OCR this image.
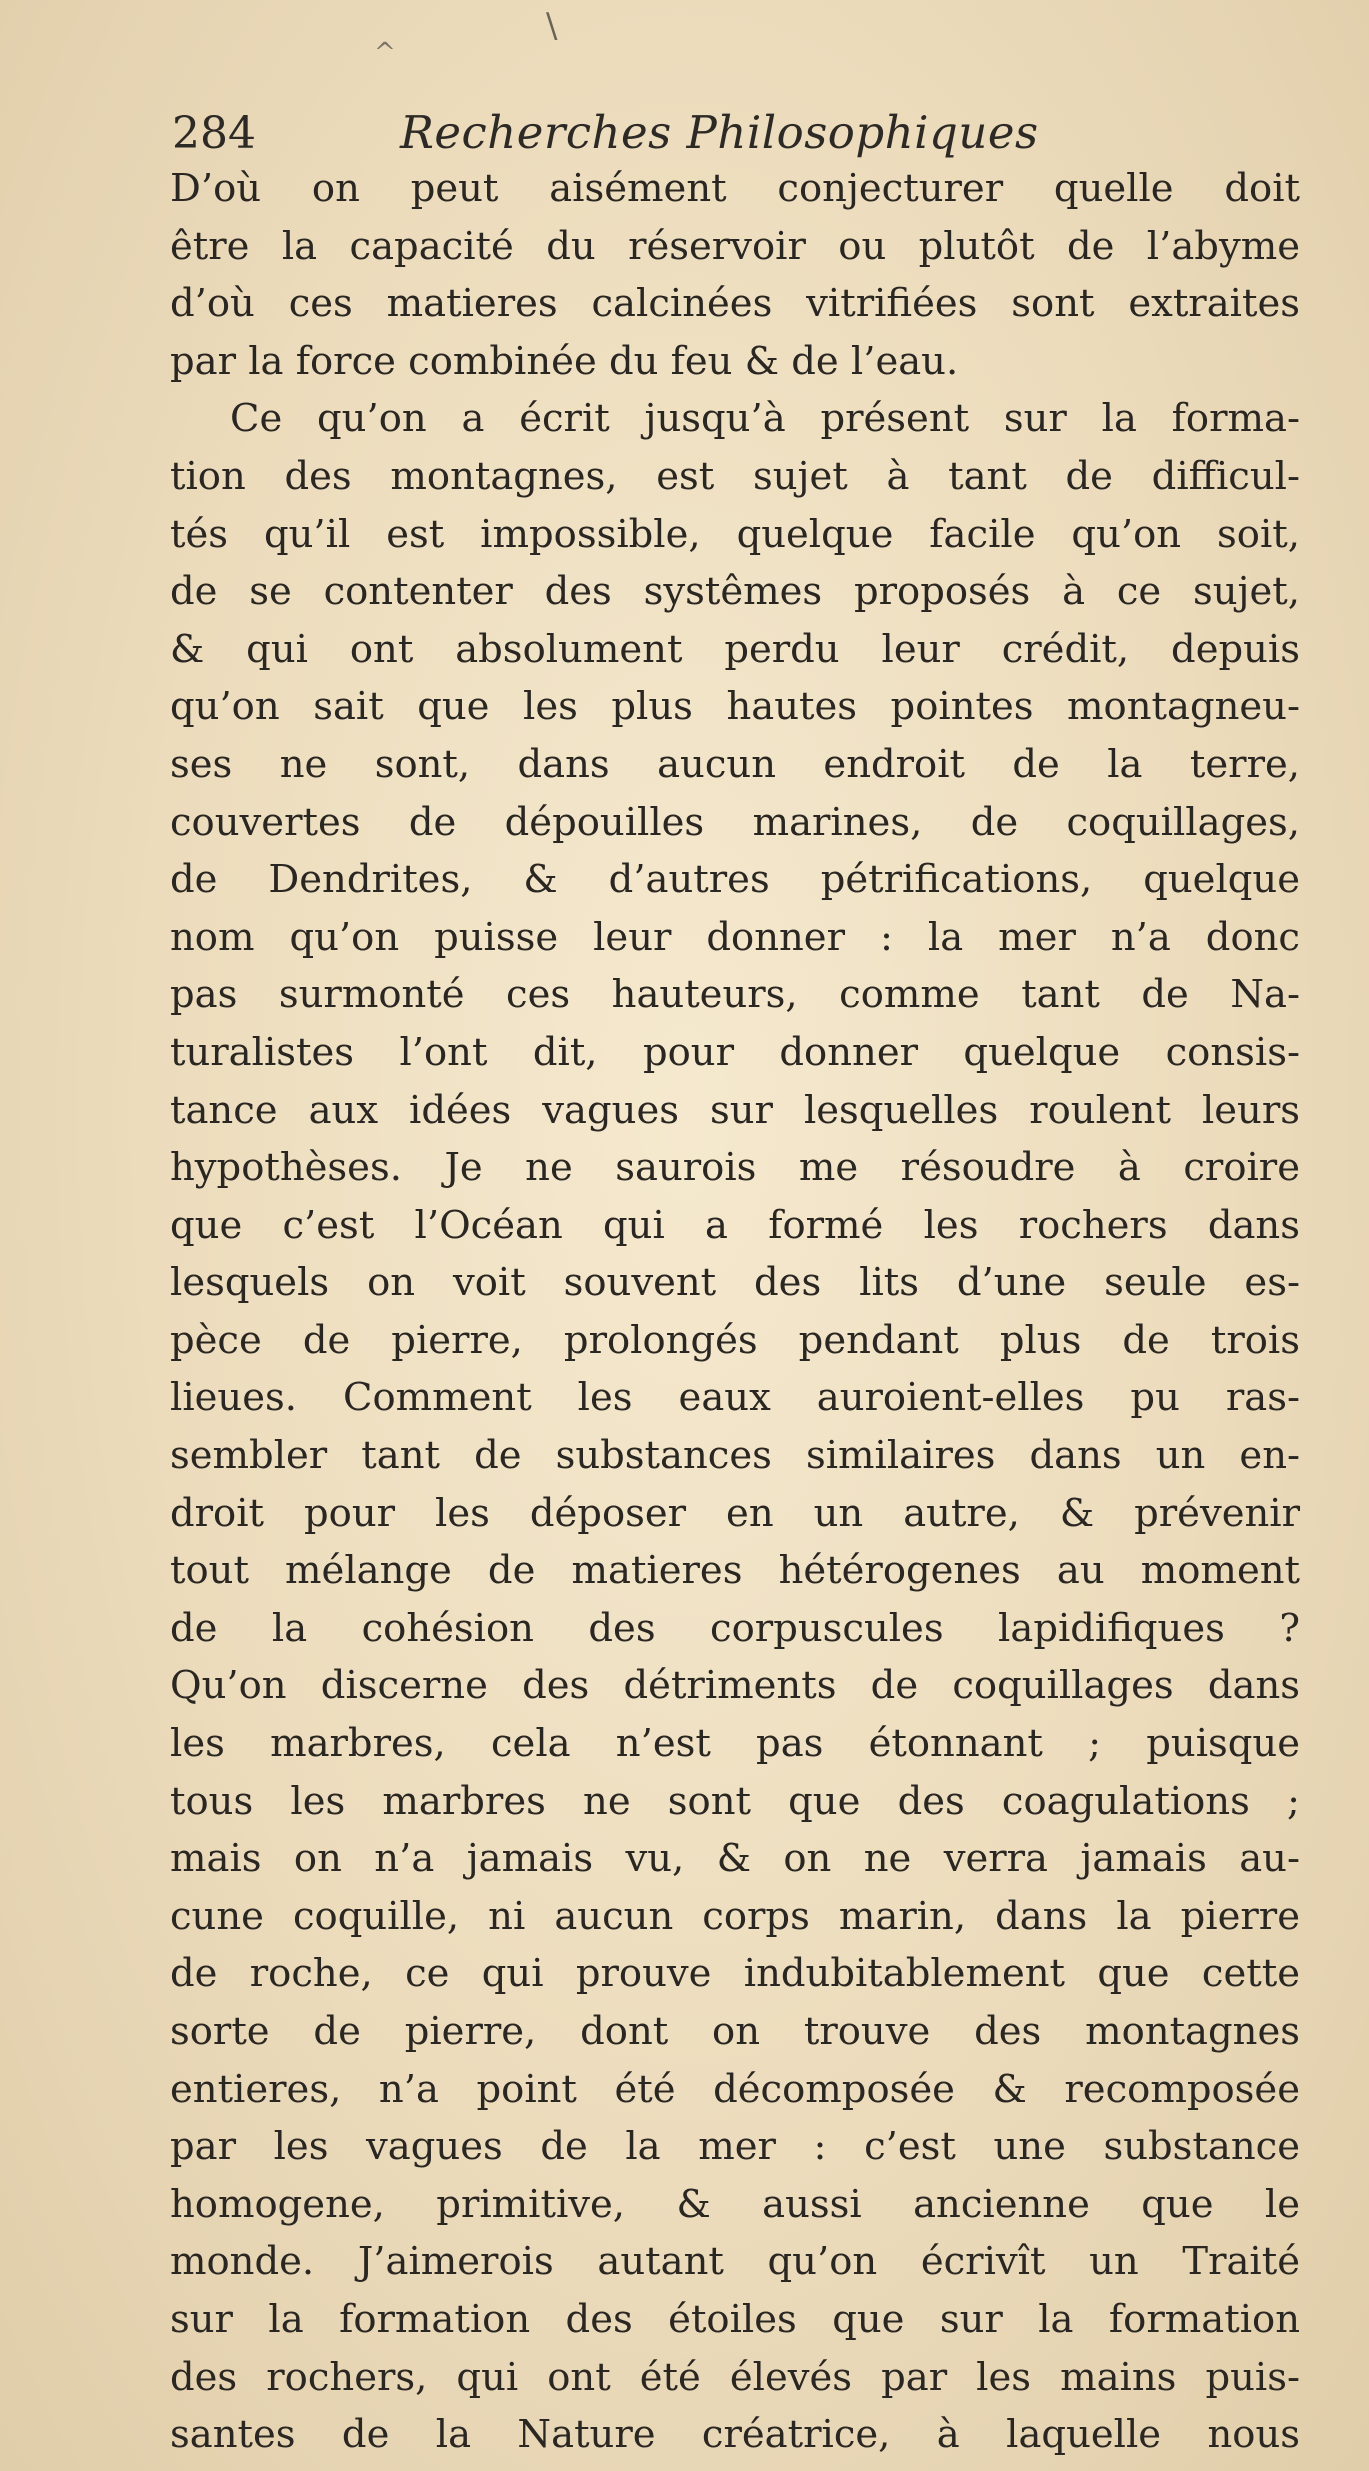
\
^
284	Recherches Philosophiques
D’où on peut aisément conjecturer quelle doit
être la capacité du réservoir ou plutôt de l’abyme
d’où ces matieres calcinées vitrifiées sont extraites
par la force combinée du feu & de l’eau.
Ce qu’on a écrit jusqu’à présent sur la forma-
tion des montagnes, est sujet à tant de difficul-
tés qu’il est impossible, quelque facile qu’on soit,
de se contenter des systêmes proposés à ce sujet,
& qui ont absolument perdu leur crédit, depuis
qu’on sait que les plus hautes pointes montagneu-
ses ne sont, dans aucun endroit de la terre,
couvertes de dépouilles marines, de coquillages,
de Dendrites, & d’autres pétrifications, quelque
nom qu’on puisse leur donner : la mer n’a donc
pas surmonté ces hauteurs, comme tant de Na-
turalistes l’ont dit, pour donner quelque consis-
tance aux idées vagues sur lesquelles roulent leurs
hypothèses. Je ne saurois me résoudre à croire
que c’est l’Océan qui a formé les rochers dans
lesquels on voit souvent des lits d’une seule es-
pèce de pierre, prolongés pendant plus de trois
lieues. Comment les eaux auroient-elles pu ras-
sembler tant de substances similaires dans un en-
droit pour les déposer en un autre, & prévenir
tout mélange de matieres hétérogenes au moment
de la cohésion des corpuscules lapidifiques ?
Qu’on discerne des détriments de coquillages dans
les marbres, cela n’est pas étonnant ; puisque
tous les marbres ne sont que des coagulations ;
mais on n’a jamais vu, & on ne verra jamais au-
cune coquille, ni aucun corps marin, dans la pierre
de roche, ce qui prouve indubitablement que cette
sorte de pierre, dont on trouve des montagnes
entieres, n’a point été décomposée & recomposée
par les vagues de la mer : c’est une substance
homogene, primitive, & aussi ancienne que le
monde. J’aimerois autant qu’on écrivît un Traité
sur la formation des étoiles que sur la formation
des rochers, qui ont été élevés par les mains puis-
santes de la Nature créatrice, à laquelle nous
